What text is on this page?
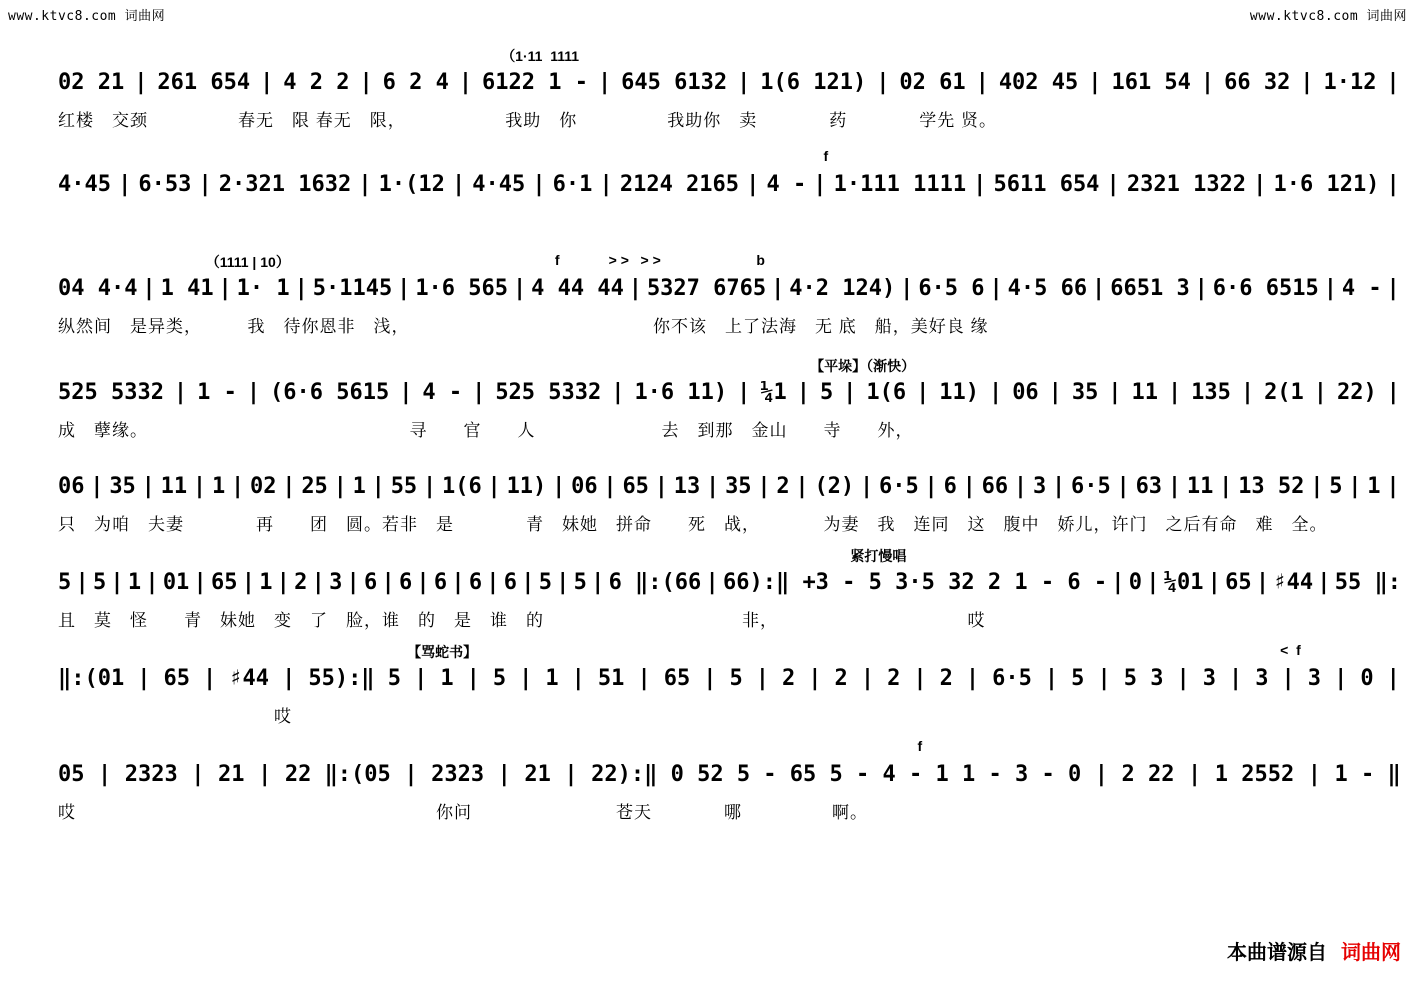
www.ktvc8.com 词曲网	www.ktvc8.com 词曲网
（1·11  1111
02 21 | 261 654 | 4 2 2 | 6 2 4 | 6122 1 - | 645 6132 | 1(6 121) | 02 61 | 402 45 | 161 54 | 66 32 | 1·12 |
红楼　交颈　　　　　春无　限 春无　限，　　　　　　我助　你　　　　　我助你　卖　　　　药　　　　学先 贤。
f
4·45 | 6·53 | 2·321 1632 | 1·(12 | 4·45 | 6·1 | 2124 2165 | 4 - | 1·111 1111 | 5611 654 | 2321 1322 | 1·6 121) |
（1111 | 10）	f	> >   > >	b
04 4·4 | 1 41 | 1· 1 | 5·1145 | 1·6 565 | 4 44 44 | 5327 6765 | 4·2 124) | 6·5 6 | 4·5 66 | 6651 3 | 6·6 6515 | 4 - |
纵然间　是异类，　　　我　待你恩非　浅，　　　　　　　　　　　　　　你不该　上了法海　无 底　船，美好良 缘
【平垛】（渐快）
525 5332 | 1 - | (6·6 5615 | 4 - | 525 5332 | 1·6 11) | ¼1 | 5 | 1(6 | 11) | 06 | 35 | 11 | 135 | 2(1 | 22) |
成　孽缘。　　　　　　　　　　　　　　　寻　　官　　人　　　　　　　去　到那　金山　　寺　　外，
06 | 35 | 11 | 1 | 02 | 25 | 1 | 55 | 1(6 | 11) | 06 | 65 | 13 | 35 | 2 | (2) | 6·5 | 6 | 66 | 3 | 6·5 | 63 | 11 | 13 52 | 5 | 1 |
只　为咱　夫妻　　　　再　　团　圆。若非　是　　　　青　妹她　拼命　　死　战，　　　　为妻　我　连同　这　腹中　娇儿，许门　之后有命　难　全。
紧打慢唱
5 | 5 | 1 | 01 | 65 | 1 | 2 | 3 | 6 | 6 | 6 | 6 | 6 | 5 | 5 | 6 ‖:(66 | 66):‖ +3 - 5 3·5 32 2 1 - 6 - | 0 | ¼01 | 65 | ♯44 | 55 ‖:
且　莫　怪　　青　妹她　变　了　脸，谁　的　是　谁　的　　　　　　　　　　　非，　　　　　　　　　　　哎
【骂蛇书】	<  f
‖:(01 | 65 | ♯44 | 55):‖ 5 | 1 | 5 | 1 | 51 | 65 | 5 | 2 | 2 | 2 | 2 | 6·5 | 5 | 5 3 | 3 | 3 | 3 | 0 |
　　　　　　　　　　　　哎
f
05 | 2323 | 21 | 22 ‖:(05 | 2323 | 21 | 22):‖ 0 52 5 - 65 5 - 4 - 1 1 - 3 - 0 | 2 22 | 1 2552 | 1 - ‖
哎　　　　　　　　　　　　　　　　　　　　你问　　　　　　　　苍天　　　　哪　　　　　啊。

本曲谱源自 词曲网
